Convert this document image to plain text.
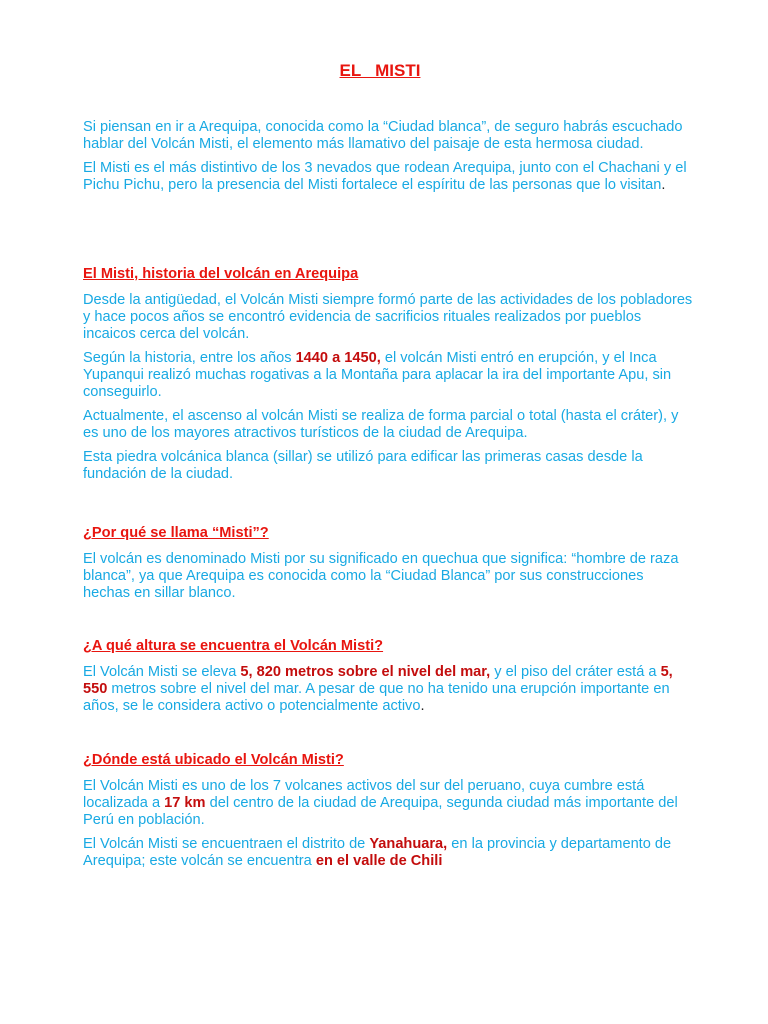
EL   MISTI

Si piensan en ir a Arequipa, conocida como la “Ciudad blanca”, de seguro habrás escuchado hablar del Volcán Misti, el elemento más llamativo del paisaje de esta hermosa ciudad.

El Misti es el más distintivo de los 3 nevados que rodean Arequipa, junto con el Chachani y el Pichu Pichu, pero la presencia del Misti fortalece el espíritu de las personas que lo visitan.

El Misti, historia del volcán en Arequipa

Desde la antigüedad, el Volcán Misti siempre formó parte de las actividades de los pobladores y hace pocos años se encontró evidencia de sacrificios rituales realizados por pueblos incaicos cerca del volcán.

Según la historia, entre los años 1440 a 1450, el volcán Misti entró en erupción, y el Inca Yupanqui realizó muchas rogativas a la Montaña para aplacar la ira del importante Apu, sin conseguirlo.

Actualmente, el ascenso al volcán Misti se realiza de forma parcial o total (hasta el cráter), y es uno de los mayores atractivos turísticos de la ciudad de Arequipa.

Esta piedra volcánica blanca (sillar) se utilizó para edificar las primeras casas desde la fundación de la ciudad.

¿Por qué se llama “Misti”?

El volcán es denominado Misti por su significado en quechua que significa: “hombre de raza blanca”, ya que Arequipa es conocida como la “Ciudad Blanca” por sus construcciones hechas en sillar blanco.

¿A qué altura se encuentra el Volcán Misti?

El Volcán Misti se eleva 5, 820 metros sobre el nivel del mar, y el piso del cráter está a 5, 550 metros sobre el nivel del mar. A pesar de que no ha tenido una erupción importante en años, se le considera activo o potencialmente activo.

¿Dónde está ubicado el Volcán Misti?

El Volcán Misti es uno de los 7 volcanes activos del sur del peruano, cuya cumbre está localizada a 17 km del centro de la ciudad de Arequipa, segunda ciudad más importante del Perú en población.

El Volcán Misti se encuentraen el distrito de Yanahuara, en la provincia y departamento de Arequipa; este volcán se encuentra en el valle de Chili
